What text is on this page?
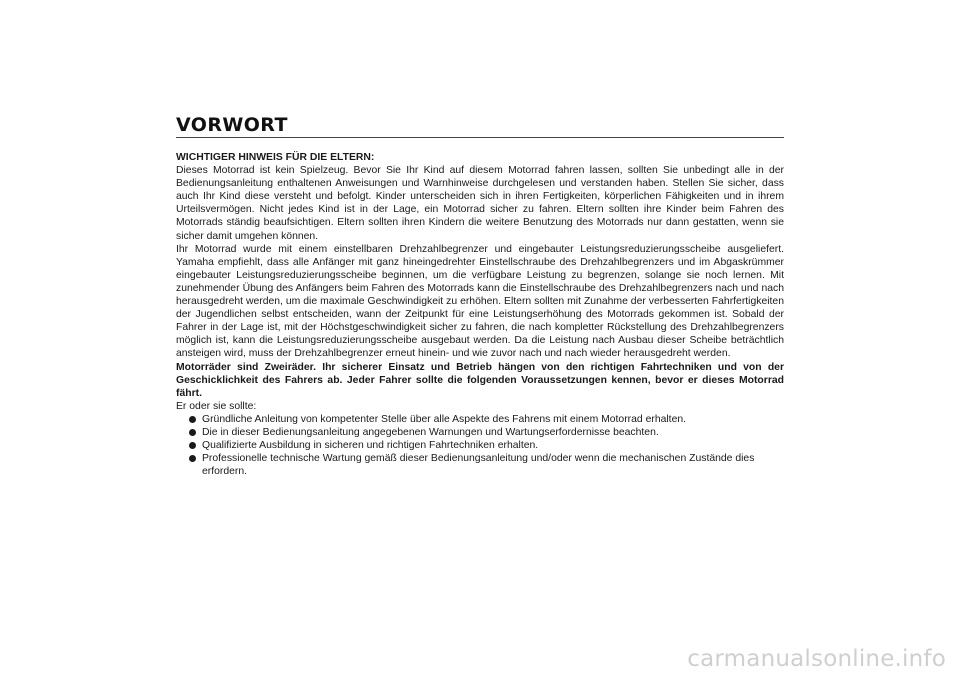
VORWORT

WICHTIGER HINWEIS FÜR DIE ELTERN:

Dieses Motorrad ist kein Spielzeug. Bevor Sie Ihr Kind auf diesem Motorrad fahren lassen, sollten Sie unbedingt alle in der Bedienungsanleitung enthaltenen Anweisungen und Warnhinweise durchgelesen und verstanden haben. Stellen Sie sicher, dass auch Ihr Kind diese versteht und befolgt. Kinder unterscheiden sich in ihren Fertigkeiten, körperlichen Fähigkeiten und in ihrem Urteilsvermögen. Nicht jedes Kind ist in der Lage, ein Motorrad sicher zu fahren. Eltern sollten ihre Kinder beim Fahren des Motorrads ständig beaufsichtigen. Eltern sollten ihren Kindern die weitere Benutzung des Motorrads nur dann gestatten, wenn sie sicher damit umgehen können.

Ihr Motorrad wurde mit einem einstellbaren Drehzahlbegrenzer und eingebauter Leistungsreduzierungsscheibe ausgeliefert. Yamaha empfiehlt, dass alle Anfänger mit ganz hineingedrehter Einstellschraube des Drehzahlbegrenzers und im Abgaskrümmer eingebauter Leistungsreduzierungsscheibe beginnen, um die verfügbare Leistung zu begrenzen, solange sie noch lernen. Mit zunehmender Übung des Anfängers beim Fahren des Motorrads kann die Einstellschraube des Drehzahlbegrenzers nach und nach herausgedreht werden, um die maximale Geschwindigkeit zu erhöhen. Eltern sollten mit Zunahme der verbesserten Fahrfertigkeiten der Jugendlichen selbst entscheiden, wann der Zeitpunkt für eine Leistungserhöhung des Motorrads gekommen ist. Sobald der Fahrer in der Lage ist, mit der Höchstgeschwindigkeit sicher zu fahren, die nach kompletter Rückstellung des Drehzahlbegrenzers möglich ist, kann die Leistungsreduzierungsscheibe ausgebaut werden. Da die Leistung nach Ausbau dieser Scheibe beträchtlich ansteigen wird, muss der Drehzahlbegrenzer erneut hinein- und wie zuvor nach und nach wieder herausgedreht werden.

Motorräder sind Zweiräder. Ihr sicherer Einsatz und Betrieb hängen von den richtigen Fahrtechniken und von der Geschicklichkeit des Fahrers ab. Jeder Fahrer sollte die folgenden Voraussetzungen kennen, bevor er dieses Motorrad fährt.

Er oder sie sollte:

Gründliche Anleitung von kompetenter Stelle über alle Aspekte des Fahrens mit einem Motorrad erhalten.
Die in dieser Bedienungsanleitung angegebenen Warnungen und Wartungserfordernisse beachten.
Qualifizierte Ausbildung in sicheren und richtigen Fahrtechniken erhalten.
Professionelle technische Wartung gemäß dieser Bedienungsanleitung und/oder wenn die mechanischen Zustände dies erfordern.
carmanualsonline.info
